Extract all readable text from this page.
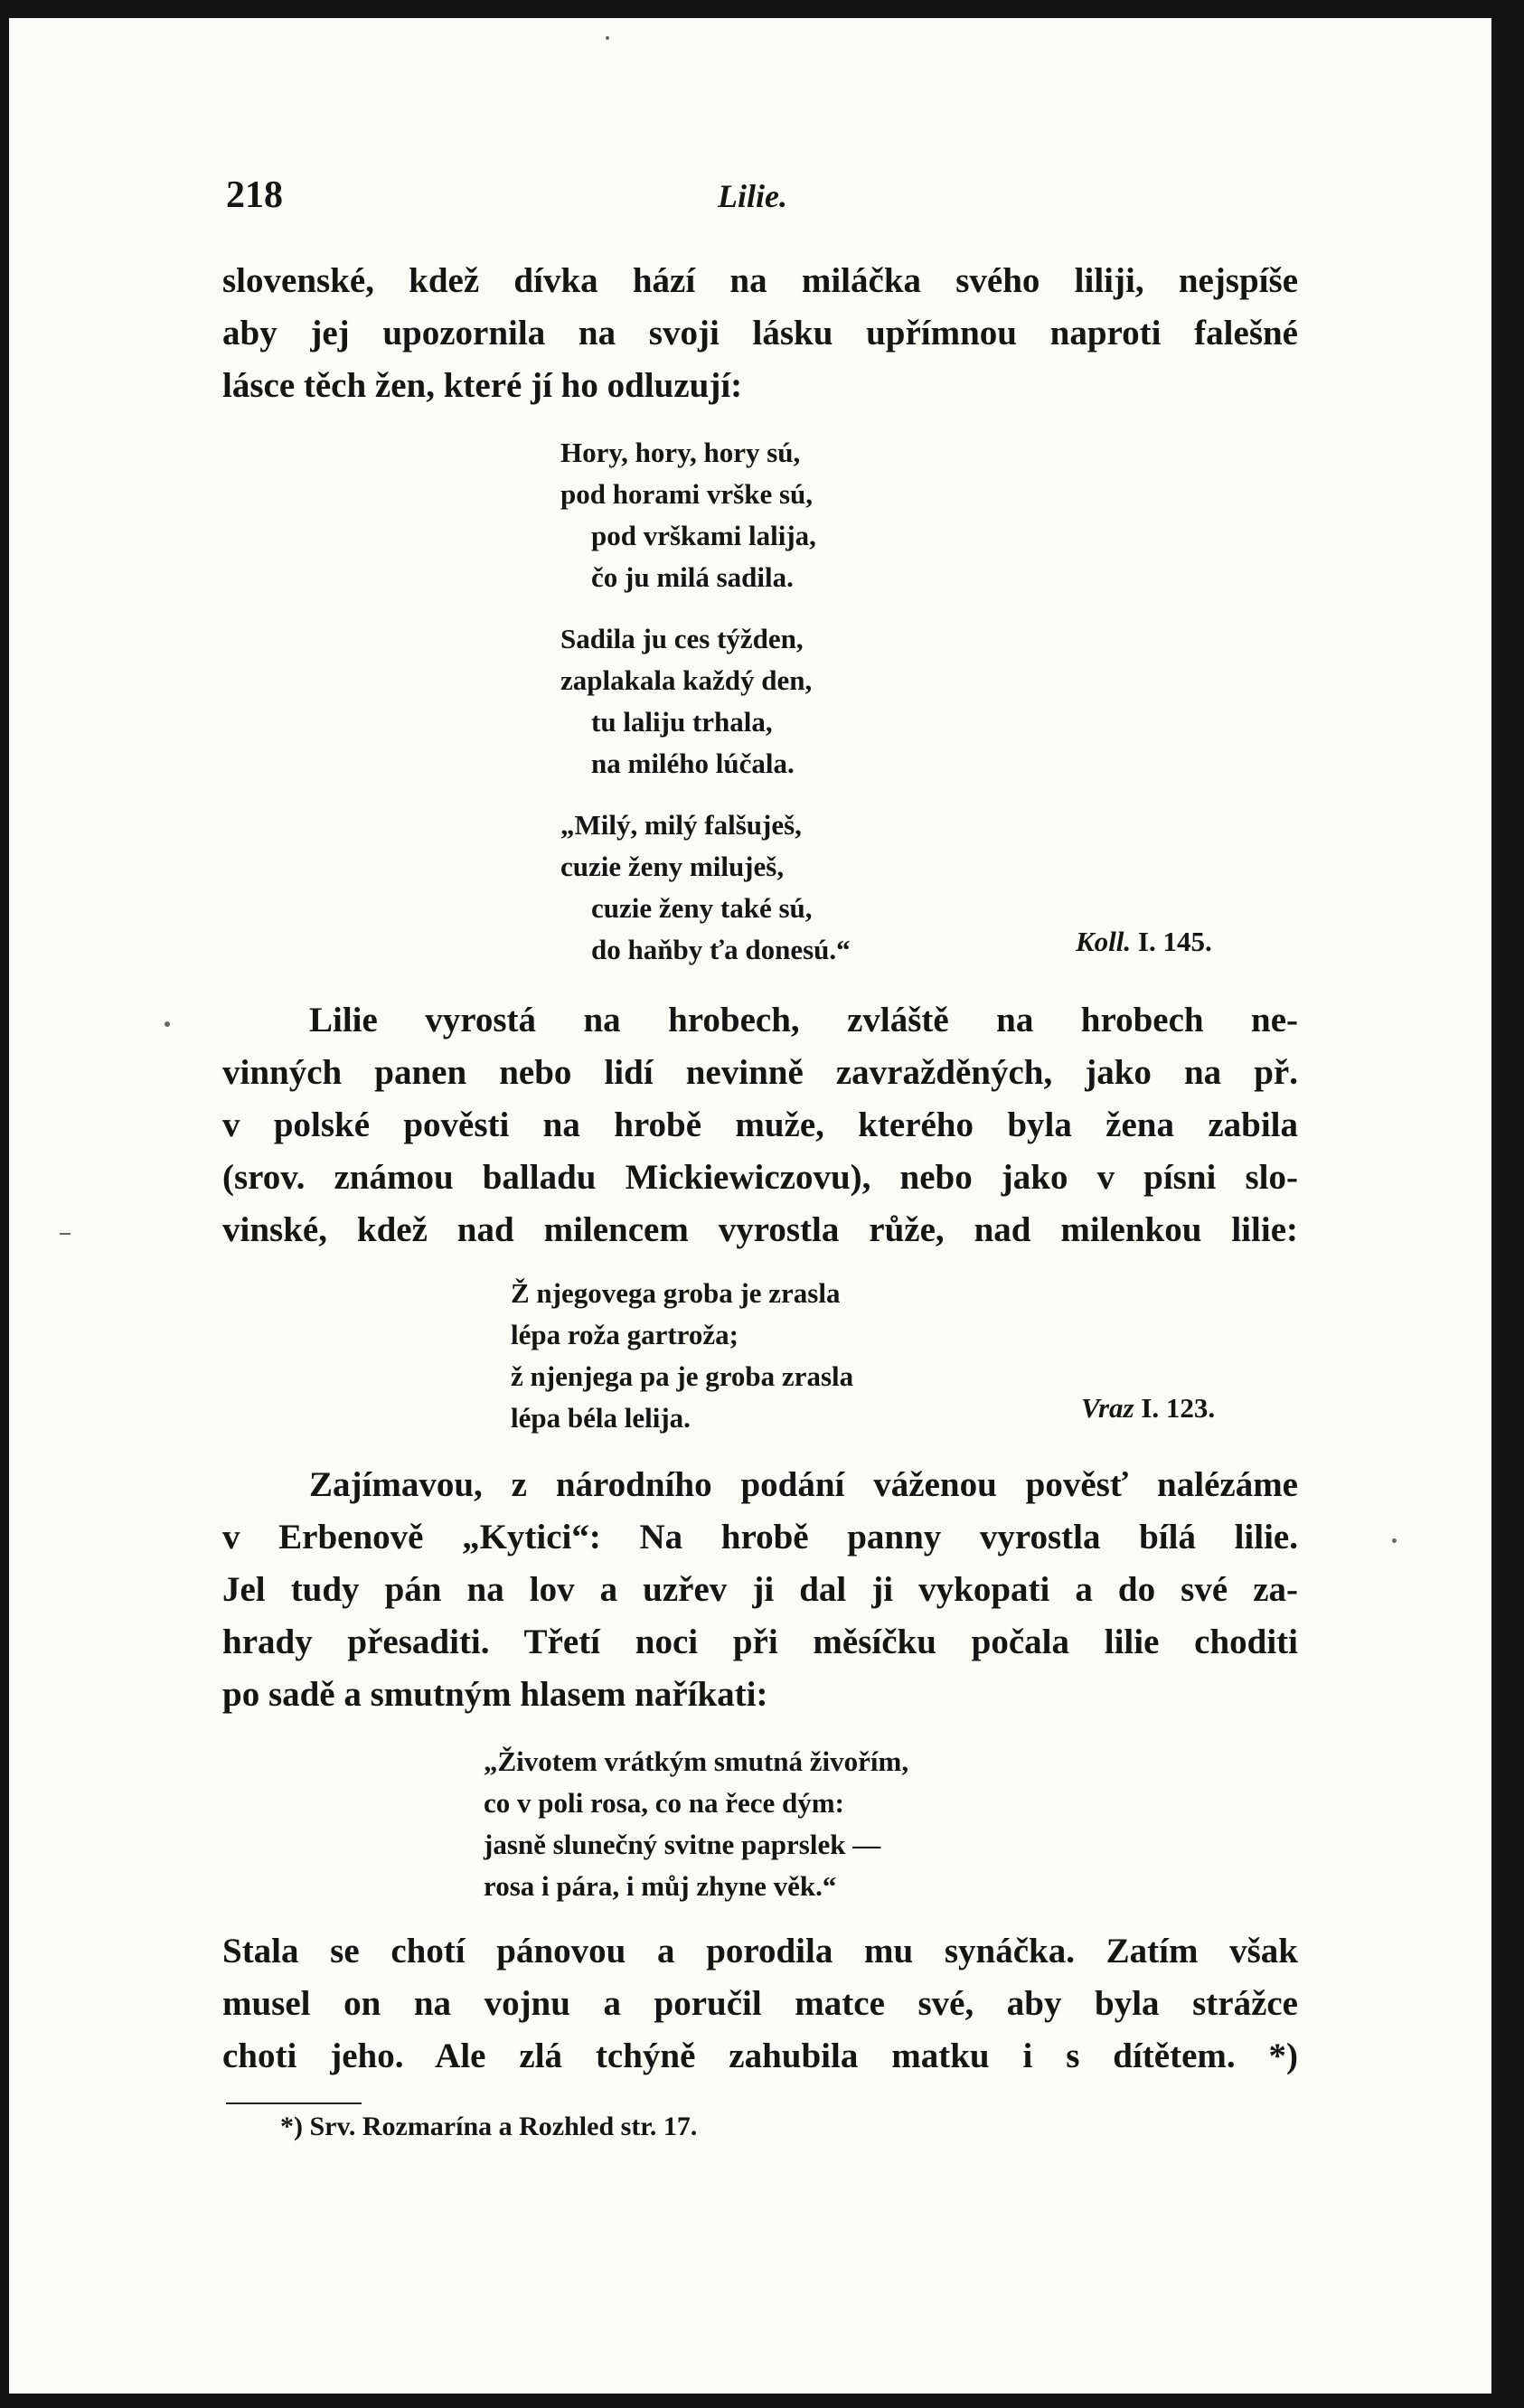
218	Lilie.
slovenské, kdež dívka hází na miláčka svého liliji, nejspíše
aby jej upozornila na svoji lásku upřímnou naproti falešné
lásce těch žen, které jí ho odluzují:
Hory, hory, hory sú,
pod horami vrške sú,
pod vrškami lalija,
čo ju milá sadila.
Sadila ju ces týžden,
zaplakala každý den,
tu laliju trhala,
na milého lúčala.
„Milý, milý falšuješ,
cuzie ženy miluješ,
cuzie ženy také sú,
do haňby ťa donesú.“	Koll. I. 145.
Lilie vyrostá na hrobech, zvláště na hrobech ne-
vinných panen nebo lidí nevinně zavražděných, jako na př.
v polské pověsti na hrobě muže, kterého byla žena zabila
(srov. známou balladu Mickiewiczovu), nebo jako v písni slo-
vinské, kdež nad milencem vyrostla růže, nad milenkou lilie:
Ž njegovega groba je zrasla
lépa roža gartroža;
ž njenjega pa je groba zrasla
lépa béla lelija.	Vraz I. 123.
Zajímavou, z národního podání váženou pověsť nalézáme
v Erbenově „Kytici“: Na hrobě panny vyrostla bílá lilie.
Jel tudy pán na lov a uzřev ji dal ji vykopati a do své za-
hrady přesaditi. Třetí noci při měsíčku počala lilie choditi
po sadě a smutným hlasem naříkati:
„Životem vrátkým smutná živořím,
co v poli rosa, co na řece dým:
jasně slunečný svitne paprslek —
rosa i pára, i můj zhyne věk.“
Stala se chotí pánovou a porodila mu synáčka. Zatím však
musel on na vojnu a poručil matce své, aby byla strážce
choti jeho. Ale zlá tchýně zahubila matku i s dítětem. *)
*) Srv. Rozmarína a Rozhled str. 17.
